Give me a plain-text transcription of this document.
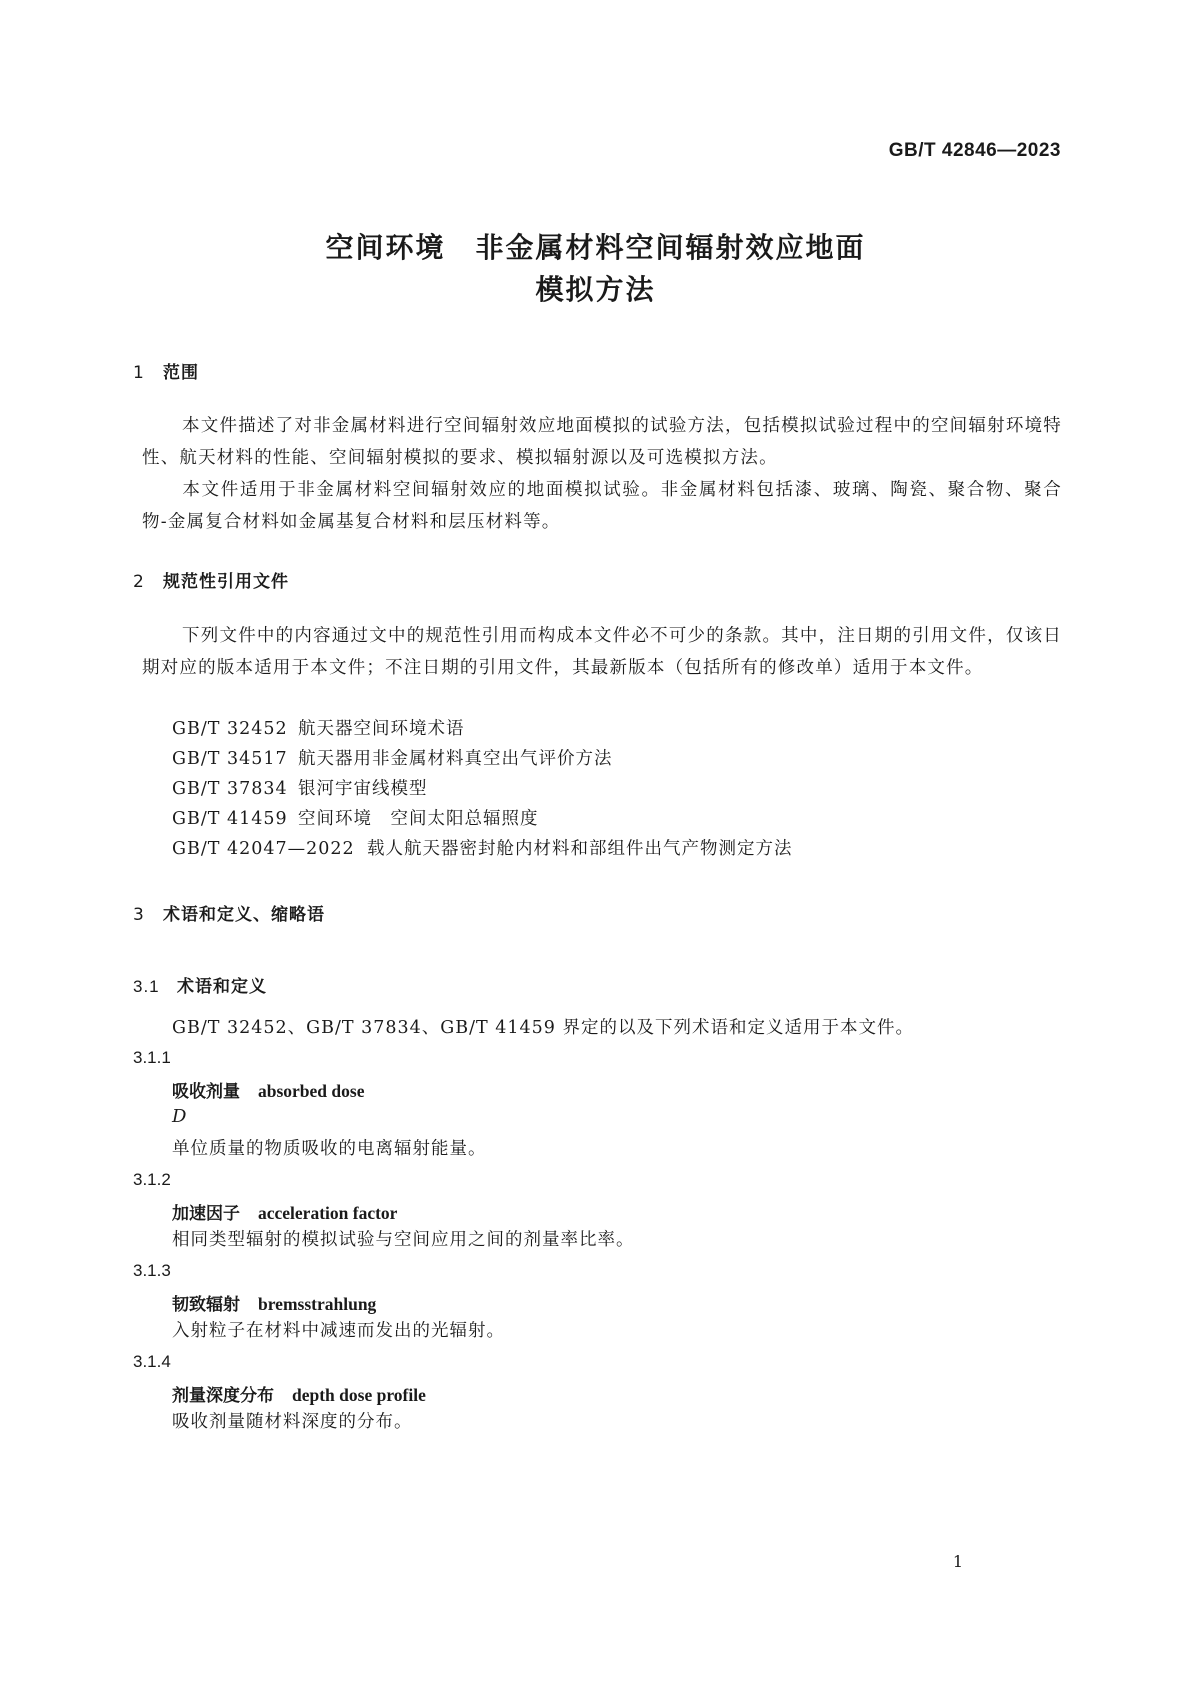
GB/T 42846—2023
空间环境　非金属材料空间辐射效应地面
模拟方法
1 范围
本文件描述了对非金属材料进行空间辐射效应地面模拟的试验方法，包括模拟试验过程中的空间辐射环境特性、航天材料的性能、空间辐射模拟的要求、模拟辐射源以及可选模拟方法。
本文件适用于非金属材料空间辐射效应的地面模拟试验。非金属材料包括漆、玻璃、陶瓷、聚合物、聚合物-金属复合材料如金属基复合材料和层压材料等。
2 规范性引用文件
下列文件中的内容通过文中的规范性引用而构成本文件必不可少的条款。其中，注日期的引用文件，仅该日期对应的版本适用于本文件；不注日期的引用文件，其最新版本（包括所有的修改单）适用于本文件。
GB/T 32452 航天器空间环境术语
GB/T 34517 航天器用非金属材料真空出气评价方法
GB/T 37834 银河宇宙线模型
GB/T 41459 空间环境　空间太阳总辐照度
GB/T 42047—2022 载人航天器密封舱内材料和部组件出气产物测定方法
3 术语和定义、缩略语
3.1 术语和定义
GB/T 32452、GB/T 37834、GB/T 41459 界定的以及下列术语和定义适用于本文件。
3.1.1
吸收剂量 absorbed dose
D
单位质量的物质吸收的电离辐射能量。
3.1.2
加速因子 acceleration factor
相同类型辐射的模拟试验与空间应用之间的剂量率比率。
3.1.3
韧致辐射 bremsstrahlung
入射粒子在材料中减速而发出的光辐射。
3.1.4
剂量深度分布 depth dose profile
吸收剂量随材料深度的分布。
1
